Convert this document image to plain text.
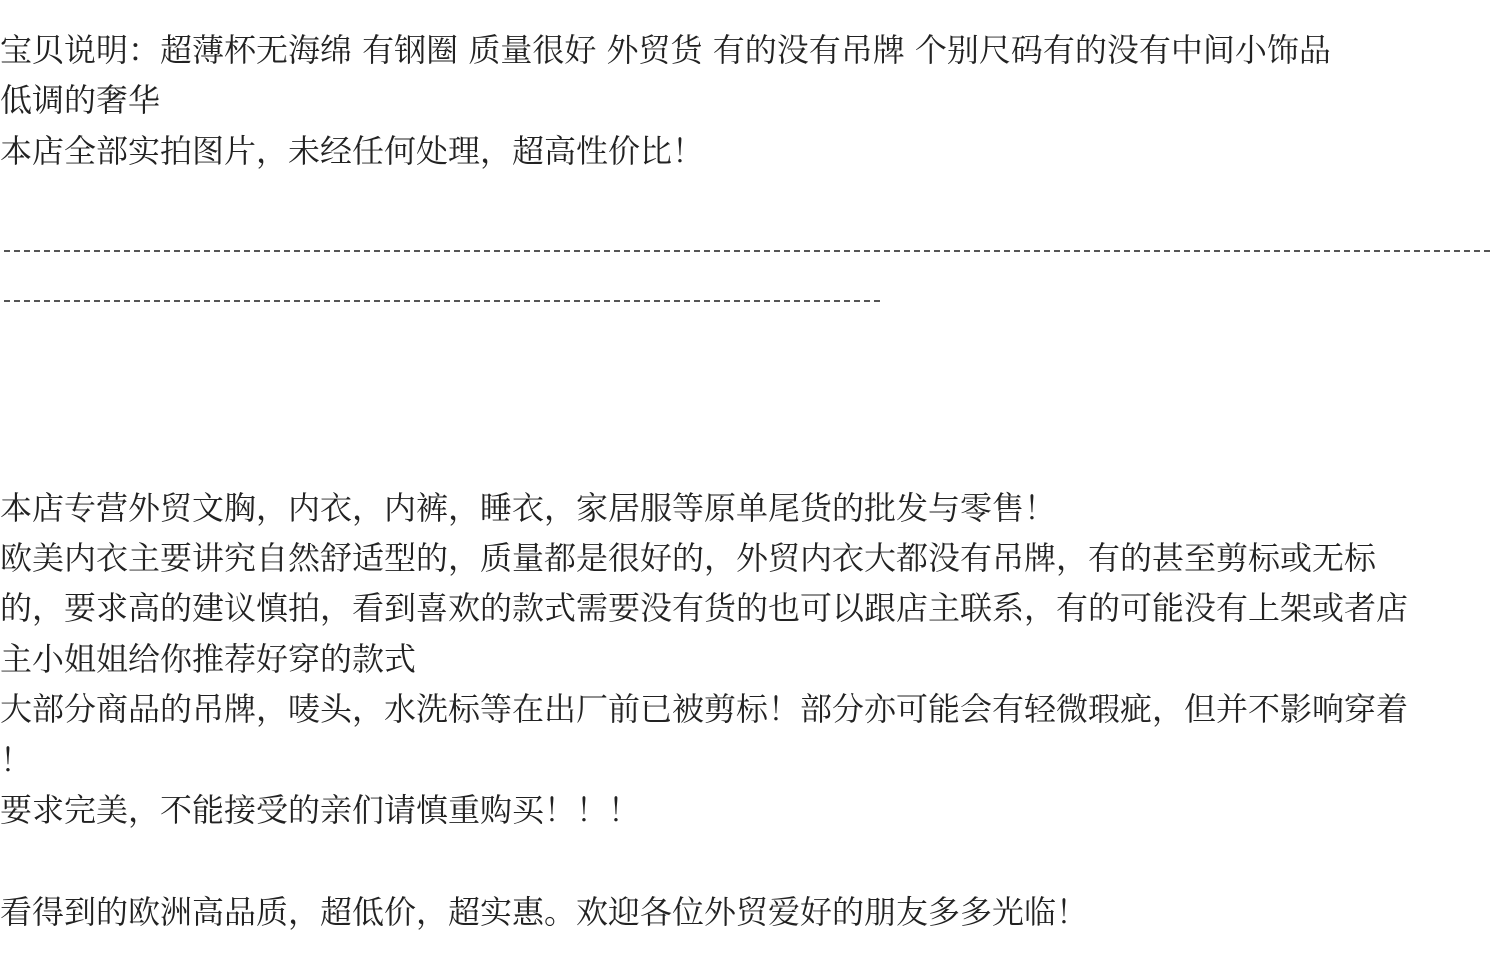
宝贝说明：超薄杯无海绵 有钢圈 质量很好 外贸货 有的没有吊牌 个别尺码有的没有中间小饰品

低调的奢华

本店全部实拍图片，未经任何处理，超高性价比！

本店专营外贸文胸，内衣，内裤，睡衣，家居服等原单尾货的批发与零售！

欧美内衣主要讲究自然舒适型的，质量都是很好的，外贸内衣大都没有吊牌，有的甚至剪标或无标

的，要求高的建议慎拍，看到喜欢的款式需要没有货的也可以跟店主联系，有的可能没有上架或者店

主小姐姐给你推荐好穿的款式

大部分商品的吊牌，唛头，水洗标等在出厂前已被剪标！部分亦可能会有轻微瑕疵，但并不影响穿着

！

要求完美，不能接受的亲们请慎重购买！！！

看得到的欧洲高品质，超低价，超实惠。欢迎各位外贸爱好的朋友多多光临！
